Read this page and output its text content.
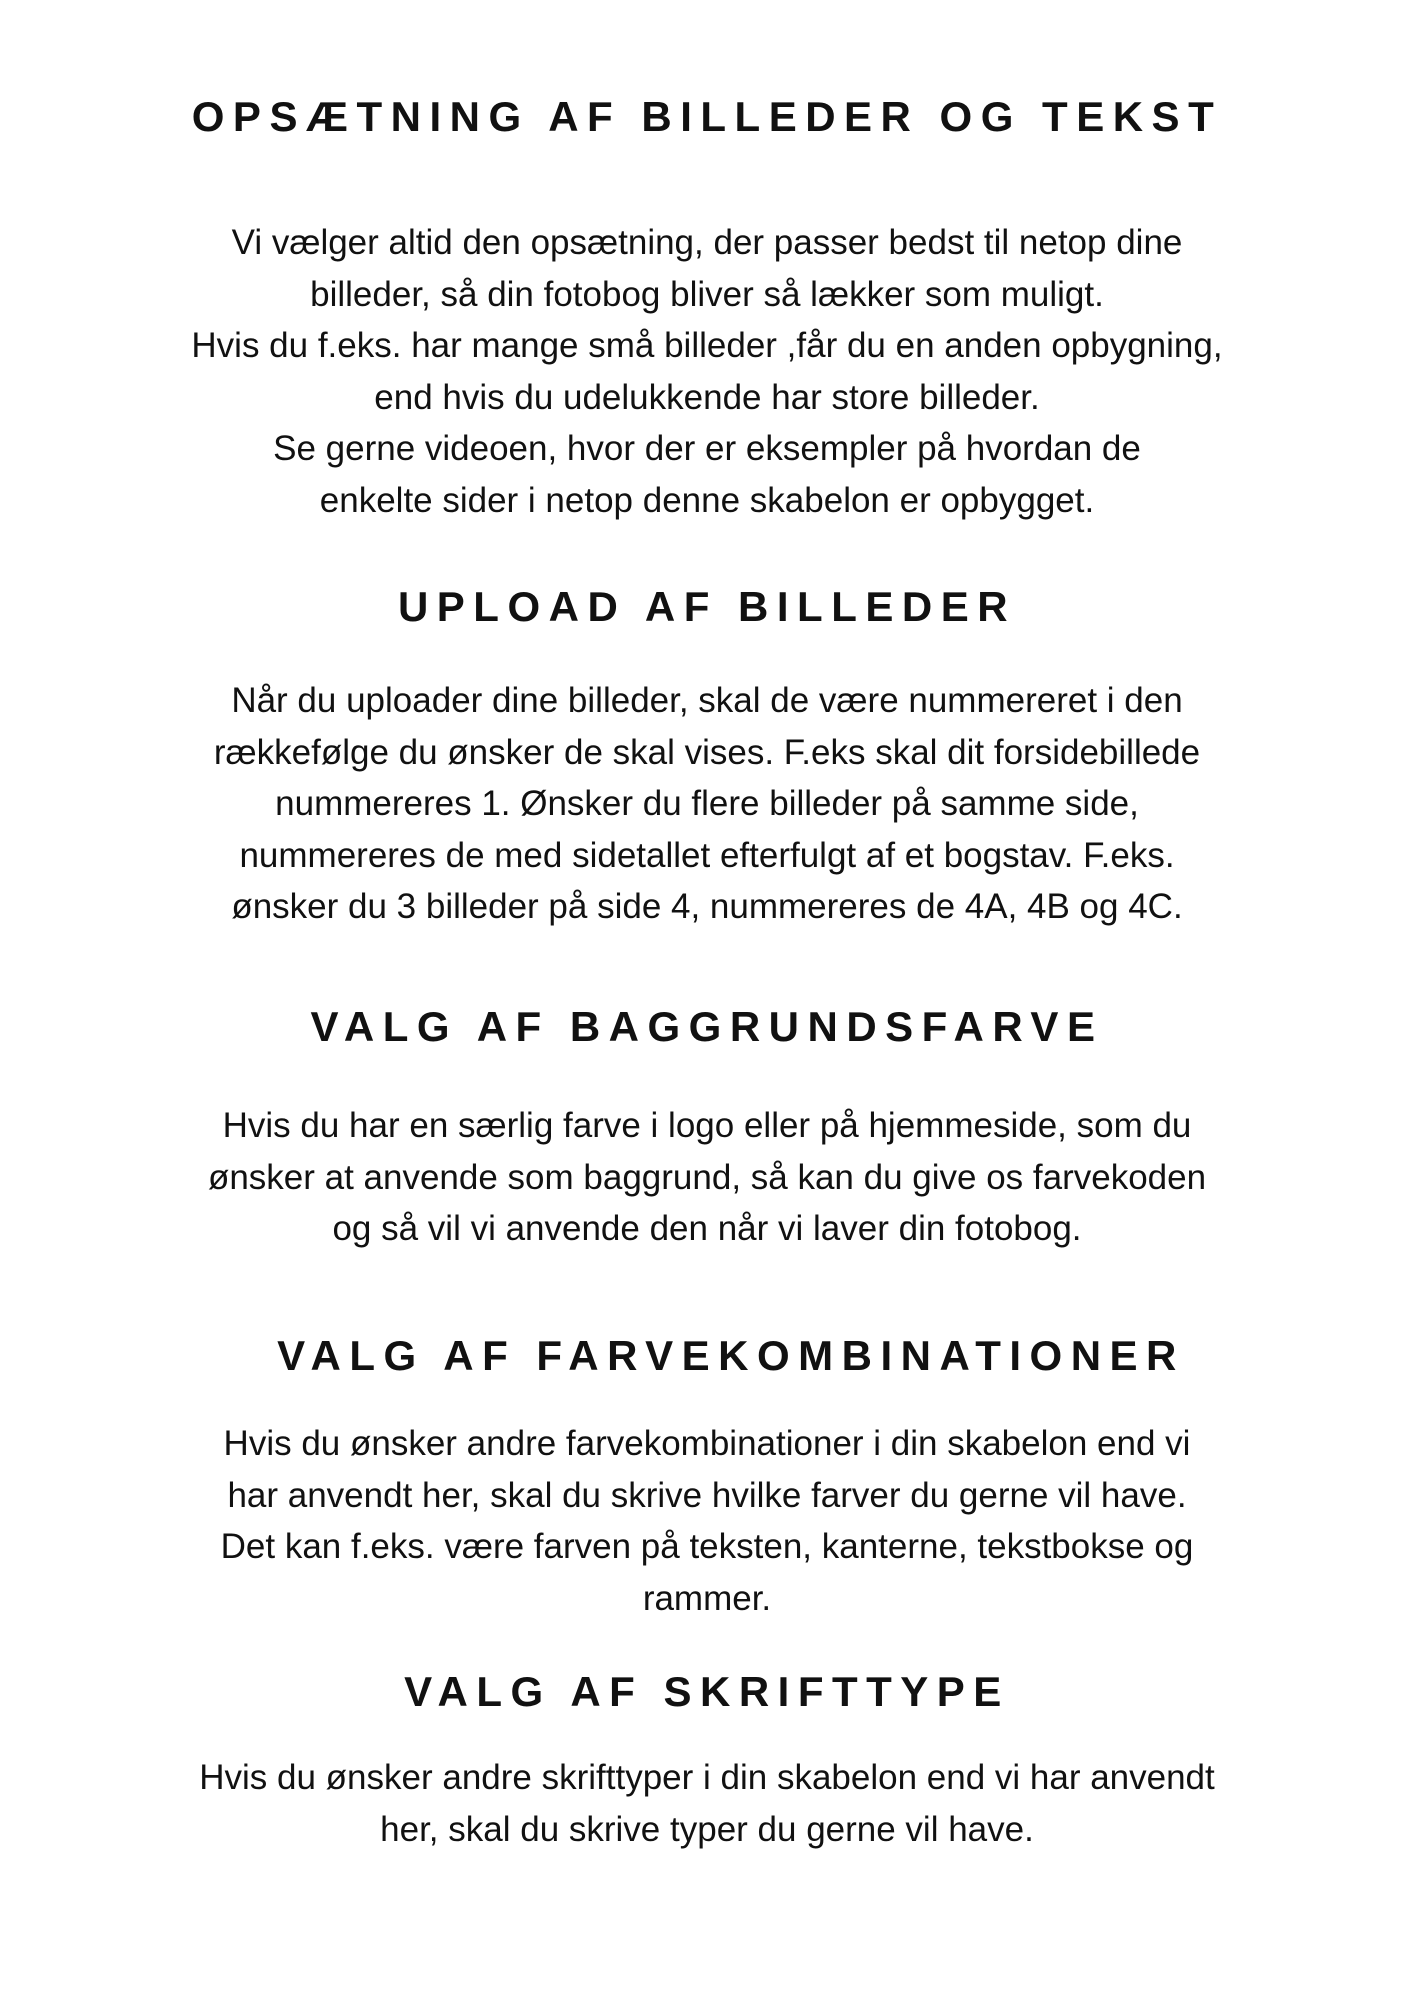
OPSÆTNING AF BILLEDER OG TEKST
Vi vælger altid den opsætning, der passer bedst til netop dine
billeder, så din fotobog bliver så lækker som muligt.
Hvis du f.eks. har mange små billeder ,får du en anden opbygning,
end hvis du udelukkende har store billeder.
Se gerne videoen, hvor der er eksempler på hvordan de
enkelte sider i netop denne skabelon er opbygget.
UPLOAD AF BILLEDER
Når du uploader dine billeder, skal de være nummereret i den
rækkefølge du ønsker de skal vises. F.eks skal dit forsidebillede
nummereres 1. Ønsker du flere billeder på samme side,
nummereres de med sidetallet efterfulgt af et bogstav. F.eks.
ønsker du 3 billeder på side 4, nummereres de 4A, 4B og 4C.
VALG AF BAGGRUNDSFARVE
Hvis du har en særlig farve i logo eller på hjemmeside, som du
ønsker at anvende som baggrund, så kan du give os farvekoden
og så vil vi anvende den når vi laver din fotobog.
VALG AF FARVEKOMBINATIONER
Hvis du ønsker andre farvekombinationer i din skabelon end vi
har anvendt her, skal du skrive hvilke farver du gerne vil have.
Det kan f.eks. være farven på teksten, kanterne, tekstbokse og
rammer.
VALG AF SKRIFTTYPE
Hvis du ønsker andre skrifttyper i din skabelon end vi har anvendt
her, skal du skrive typer du gerne vil have.
